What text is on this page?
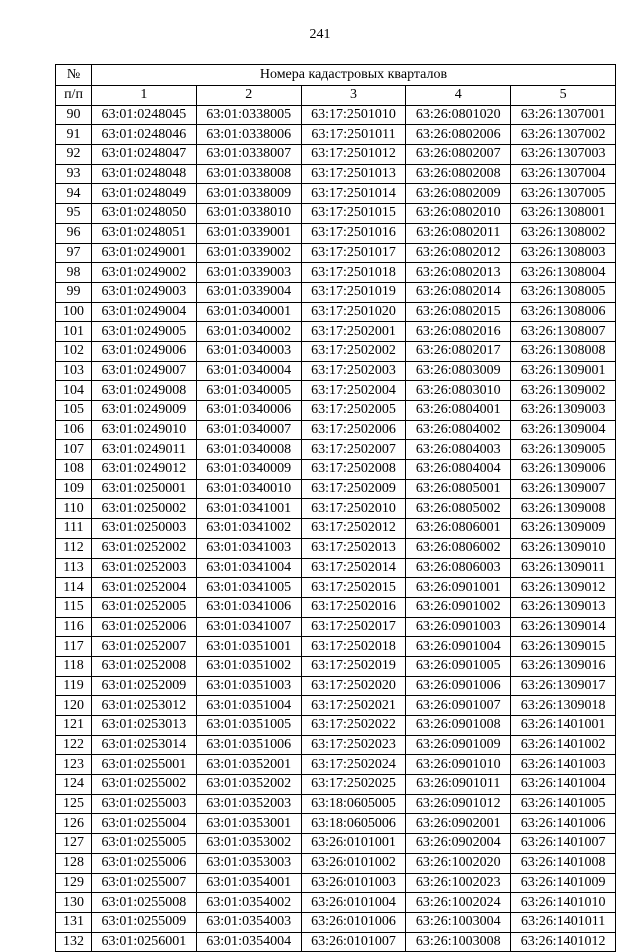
241
№	Номера кадастровых кварталов				
п/п	1	2	3	4	5
90	63:01:0248045	63:01:0338005	63:17:2501010	63:26:0801020	63:26:1307001
91	63:01:0248046	63:01:0338006	63:17:2501011	63:26:0802006	63:26:1307002
92	63:01:0248047	63:01:0338007	63:17:2501012	63:26:0802007	63:26:1307003
93	63:01:0248048	63:01:0338008	63:17:2501013	63:26:0802008	63:26:1307004
94	63:01:0248049	63:01:0338009	63:17:2501014	63:26:0802009	63:26:1307005
95	63:01:0248050	63:01:0338010	63:17:2501015	63:26:0802010	63:26:1308001
96	63:01:0248051	63:01:0339001	63:17:2501016	63:26:0802011	63:26:1308002
97	63:01:0249001	63:01:0339002	63:17:2501017	63:26:0802012	63:26:1308003
98	63:01:0249002	63:01:0339003	63:17:2501018	63:26:0802013	63:26:1308004
99	63:01:0249003	63:01:0339004	63:17:2501019	63:26:0802014	63:26:1308005
100	63:01:0249004	63:01:0340001	63:17:2501020	63:26:0802015	63:26:1308006
101	63:01:0249005	63:01:0340002	63:17:2502001	63:26:0802016	63:26:1308007
102	63:01:0249006	63:01:0340003	63:17:2502002	63:26:0802017	63:26:1308008
103	63:01:0249007	63:01:0340004	63:17:2502003	63:26:0803009	63:26:1309001
104	63:01:0249008	63:01:0340005	63:17:2502004	63:26:0803010	63:26:1309002
105	63:01:0249009	63:01:0340006	63:17:2502005	63:26:0804001	63:26:1309003
106	63:01:0249010	63:01:0340007	63:17:2502006	63:26:0804002	63:26:1309004
107	63:01:0249011	63:01:0340008	63:17:2502007	63:26:0804003	63:26:1309005
108	63:01:0249012	63:01:0340009	63:17:2502008	63:26:0804004	63:26:1309006
109	63:01:0250001	63:01:0340010	63:17:2502009	63:26:0805001	63:26:1309007
110	63:01:0250002	63:01:0341001	63:17:2502010	63:26:0805002	63:26:1309008
111	63:01:0250003	63:01:0341002	63:17:2502012	63:26:0806001	63:26:1309009
112	63:01:0252002	63:01:0341003	63:17:2502013	63:26:0806002	63:26:1309010
113	63:01:0252003	63:01:0341004	63:17:2502014	63:26:0806003	63:26:1309011
114	63:01:0252004	63:01:0341005	63:17:2502015	63:26:0901001	63:26:1309012
115	63:01:0252005	63:01:0341006	63:17:2502016	63:26:0901002	63:26:1309013
116	63:01:0252006	63:01:0341007	63:17:2502017	63:26:0901003	63:26:1309014
117	63:01:0252007	63:01:0351001	63:17:2502018	63:26:0901004	63:26:1309015
118	63:01:0252008	63:01:0351002	63:17:2502019	63:26:0901005	63:26:1309016
119	63:01:0252009	63:01:0351003	63:17:2502020	63:26:0901006	63:26:1309017
120	63:01:0253012	63:01:0351004	63:17:2502021	63:26:0901007	63:26:1309018
121	63:01:0253013	63:01:0351005	63:17:2502022	63:26:0901008	63:26:1401001
122	63:01:0253014	63:01:0351006	63:17:2502023	63:26:0901009	63:26:1401002
123	63:01:0255001	63:01:0352001	63:17:2502024	63:26:0901010	63:26:1401003
124	63:01:0255002	63:01:0352002	63:17:2502025	63:26:0901011	63:26:1401004
125	63:01:0255003	63:01:0352003	63:18:0605005	63:26:0901012	63:26:1401005
126	63:01:0255004	63:01:0353001	63:18:0605006	63:26:0902001	63:26:1401006
127	63:01:0255005	63:01:0353002	63:26:0101001	63:26:0902004	63:26:1401007
128	63:01:0255006	63:01:0353003	63:26:0101002	63:26:1002020	63:26:1401008
129	63:01:0255007	63:01:0354001	63:26:0101003	63:26:1002023	63:26:1401009
130	63:01:0255008	63:01:0354002	63:26:0101004	63:26:1002024	63:26:1401010
131	63:01:0255009	63:01:0354003	63:26:0101006	63:26:1003004	63:26:1401011
132	63:01:0256001	63:01:0354004	63:26:0101007	63:26:1003008	63:26:1401012
